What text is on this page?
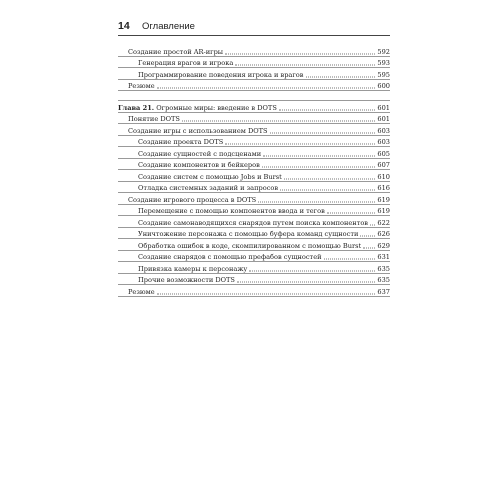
14 Оглавление
Создание простой AR-игры	592
Генерация врагов и игрока	593
Программирование поведения игрока и врагов	595
Резюме	600
Глава 21. Огромные миры: введение в DOTS	601
Понятие DOTS	601
Создание игры с использованием DOTS	603
Создание проекта DOTS	603
Создание сущностей с подсценами	605
Создание компонентов и бейкеров	607
Создание систем с помощью Jobs и Burst	610
Отладка системных заданий и запросов	616
Создание игрового процесса в DOTS	619
Перемещение с помощью компонентов ввода и тегов	619
Создание самонаводящихся снарядов путем поиска компонентов 622
Уничтожение персонажа с помощью буфера команд сущности	626
Обработка ошибок в коде, скомпилированном с помощью Burst 629
Создание снарядов с помощью префабов сущностей	631
Привязка камеры к персонажу	635
Прочие возможности DOTS	635
Резюме	637
